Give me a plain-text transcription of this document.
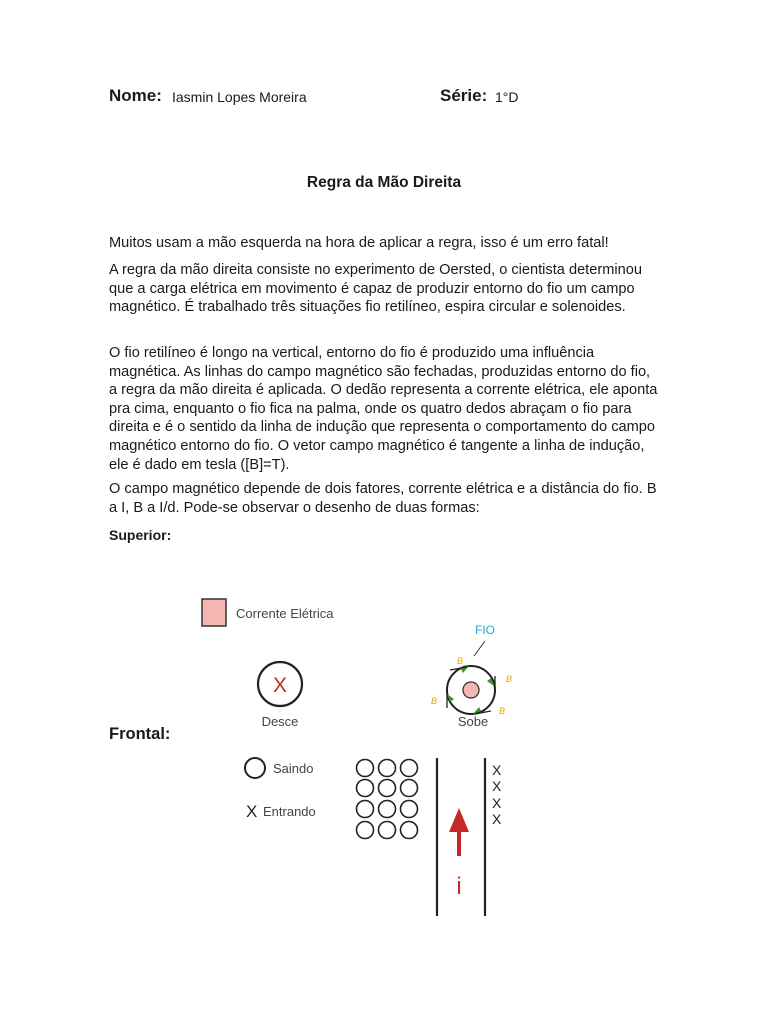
Nome: Iasmin Lopes Moreira	Série: 1°D
Regra da Mão Direita

Muitos usam a mão esquerda na hora de aplicar a regra, isso é um erro fatal!

A regra da mão direita consiste no experimento de Oersted, o cientista determinou que a carga elétrica em movimento é capaz de produzir entorno do fio um campo magnético. É trabalhado três situações fio retilíneo, espira circular e solenoides.

O fio retilíneo é longo na vertical, entorno do fio é produzido uma influência magnética. As linhas do campo magnético são fechadas, produzidas entorno do fio, a regra da mão direita é aplicada. O dedão representa a corrente elétrica, ele aponta pra cima, enquanto o fio fica na palma, onde os quatro dedos abraçam o fio para direita e é o sentido da linha de indução que representa o comportamento do campo magnético entorno do fio. O vetor campo magnético é tangente a linha de indução, ele é dado em tesla ([B]=T).

O campo magnético depende de dois fatores, corrente elétrica e a distância do fio. B a I, B a I/d. Pode-se observar o desenho de duas formas:

Superior:
Corrente Elétrica
X
Desce
FIO
Sobe
B
B
B
B
Frontal:
Saindo
X Entrando
i
X
X
X
X
